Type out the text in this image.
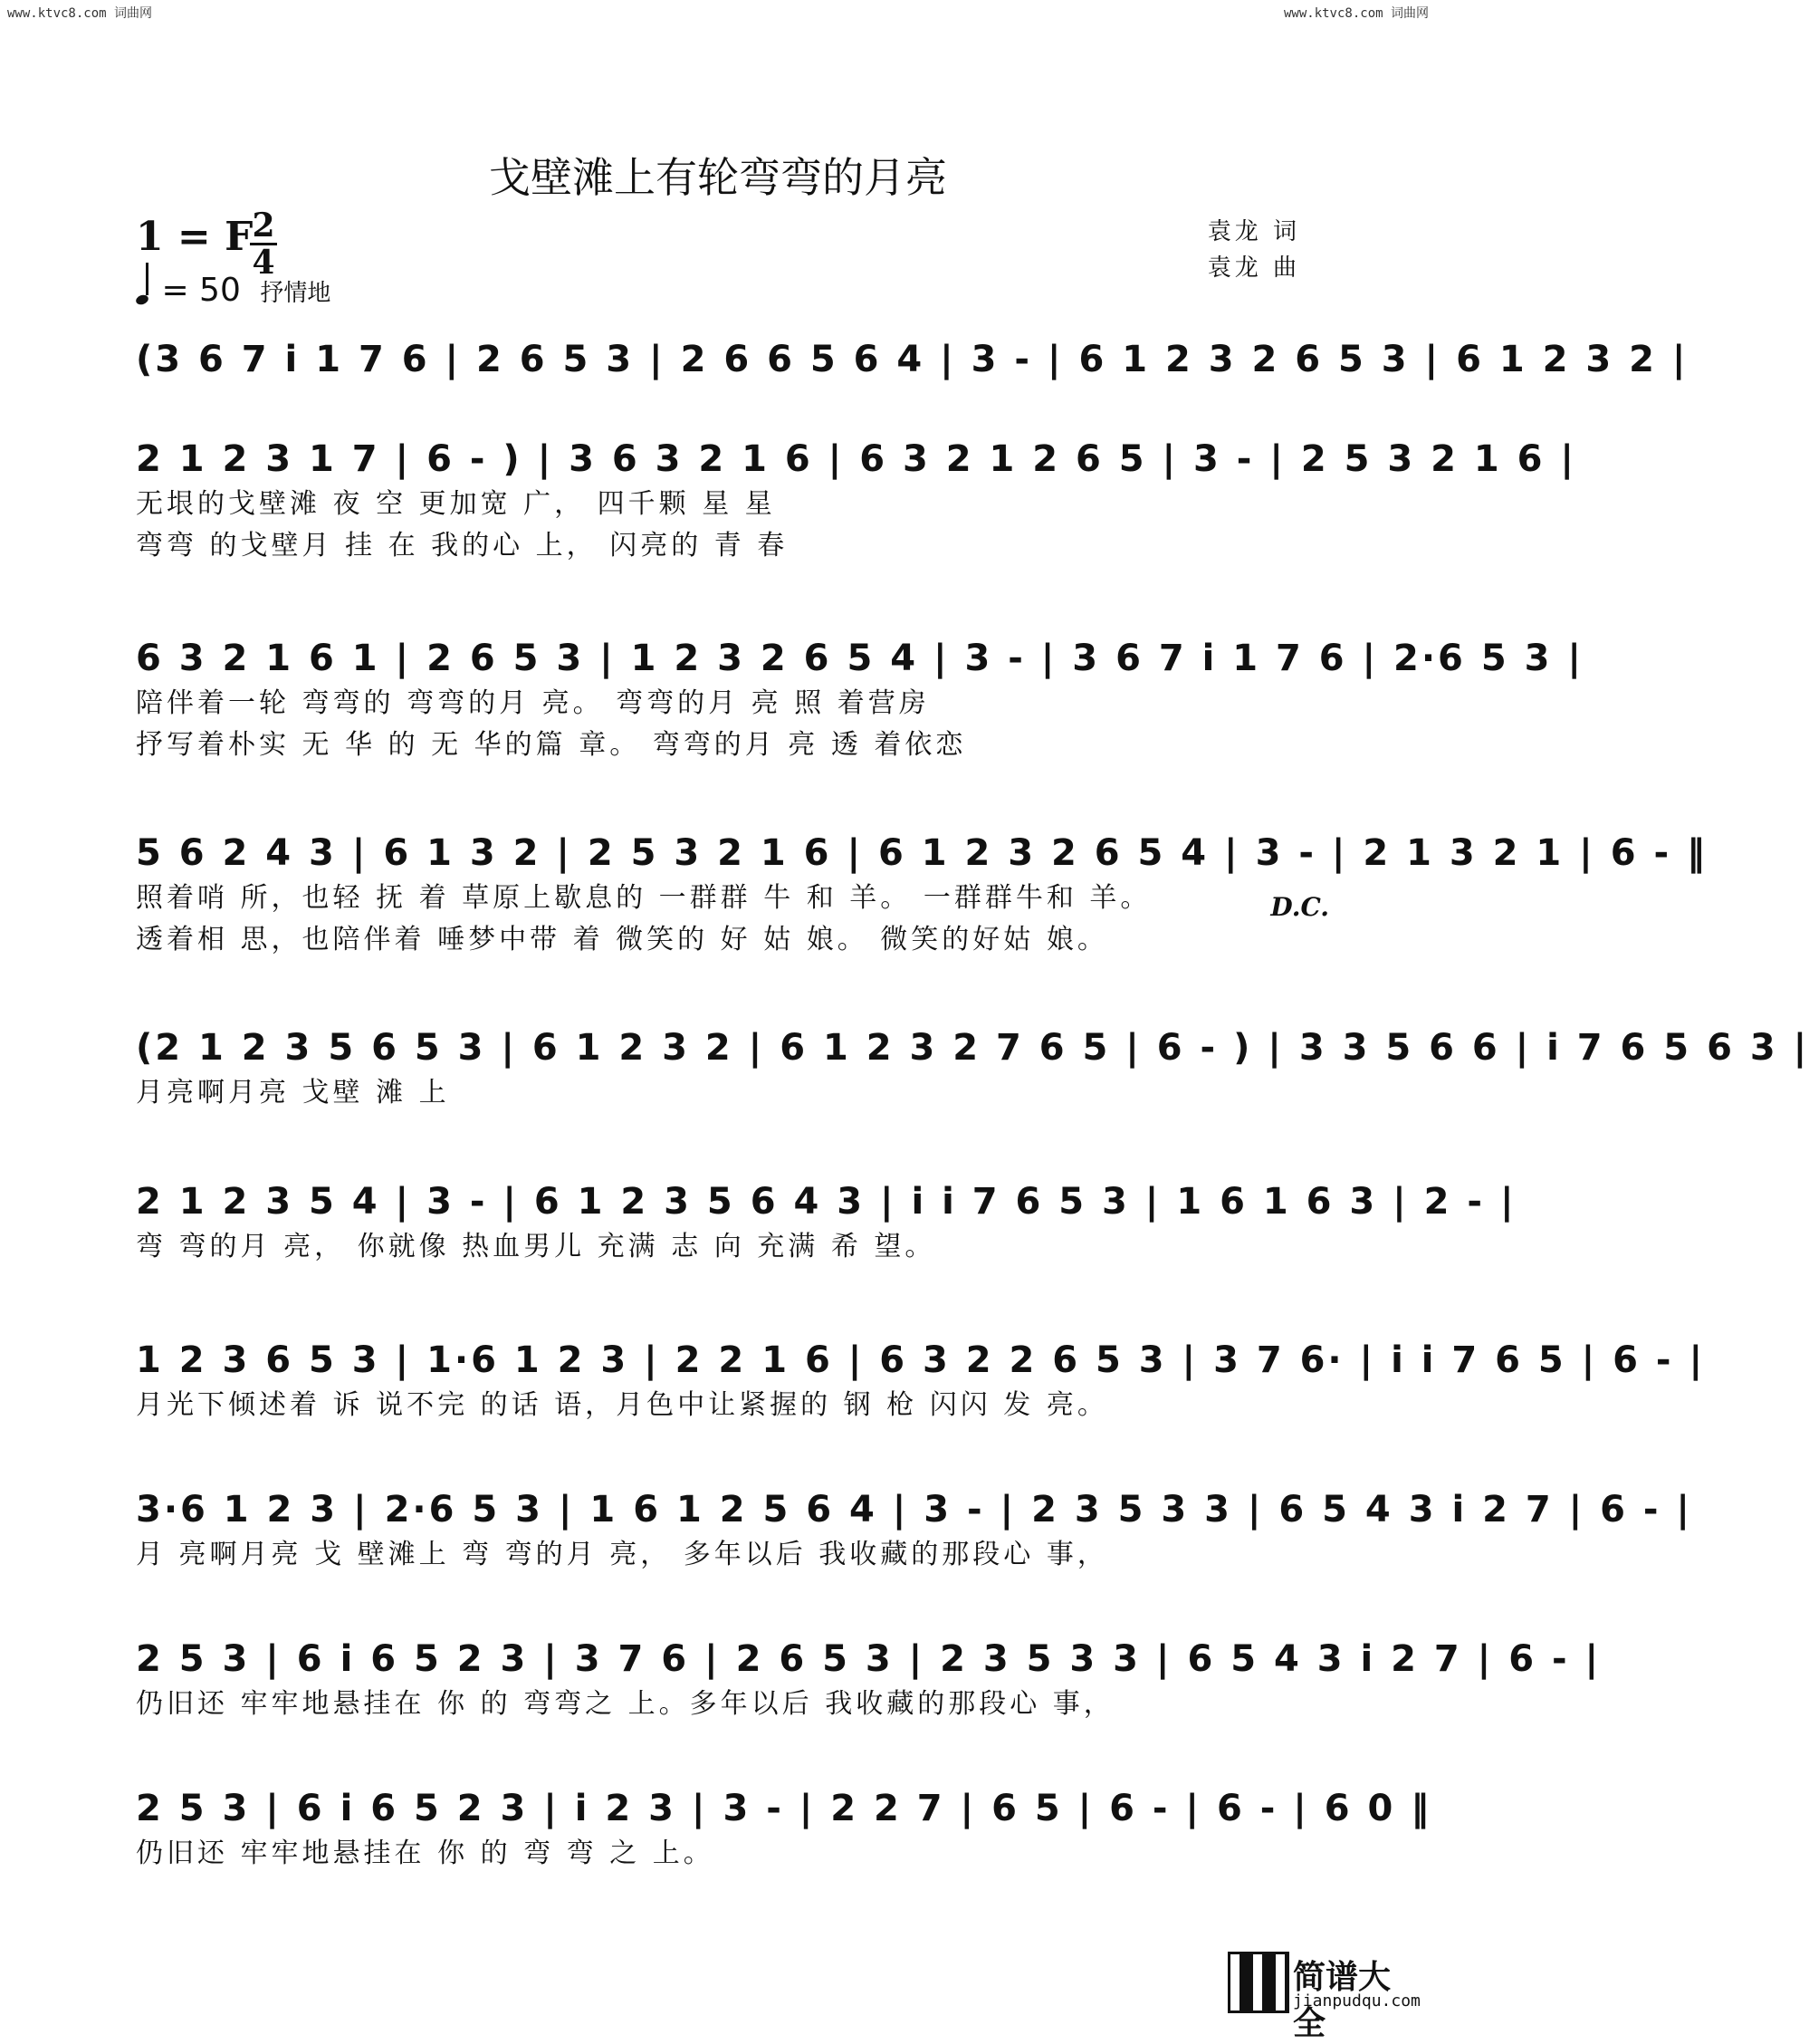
www.ktvc8.com 词曲网	www.ktvc8.com 词曲网
戈壁滩上有轮弯弯的月亮
1 = F 2
4
= 50 抒情地
袁龙 词
袁龙 曲
(3 6 7 i 1 7 6 | 2 6 5 3 | 2 6 6 5 6 4 | 3 - | 6 1 2 3 2 6 5 3 | 6 1 2 3 2 |
2 1 2 3 1 7 | 6 - ) | 3 6 3 2 1 6 | 6 3 2 1 2 6 5 | 3 - | 2 5 3 2 1 6 |
无垠的戈壁滩 夜 空 更加宽 广， 四千颗 星 星
弯弯 的戈壁月 挂 在 我的心 上， 闪亮的 青 春
6 3 2 1 6 1 | 2 6 5 3 | 1 2 3 2 6 5 4 | 3 - | 3 6 7 i 1 7 6 | 2·6 5 3 |
陪伴着一轮 弯弯的 弯弯的月 亮。 弯弯的月 亮 照 着营房
抒写着朴实 无 华 的 无 华的篇 章。 弯弯的月 亮 透 着依恋
5 6 2 4 3 | 6 1 3 2 | 2 5 3 2 1 6 | 6 1 2 3 2 6 5 4 | 3 - | 2 1 3 2 1 | 6 - ‖
照着哨 所，也轻 抚 着 草原上歇息的 一群群 牛 和 羊。 一群群牛和 羊。
透着相 思，也陪伴着 唾梦中带 着 微笑的 好 姑 娘。 微笑的好姑 娘。
(2 1 2 3 5 6 5 3 | 6 1 2 3 2 | 6 1 2 3 2 7 6 5 | 6 - ) | 3 3 5 6 6 | i 7 6 5 6 3 |
月亮啊月亮 戈壁 滩 上
2 1 2 3 5 4 | 3 - | 6 1 2 3 5 6 4 3 | i i 7 6 5 3 | 1 6 1 6 3 | 2 - |
弯 弯的月 亮， 你就像 热血男儿 充满 志 向 充满 希 望。
1 2 3 6 5 3 | 1·6 1 2 3 | 2 2 1 6 | 6 3 2 2 6 5 3 | 3 7 6· | i i 7 6 5 | 6 - |
月光下倾述着 诉 说不完 的话 语，月色中让紧握的 钢 枪 闪闪 发 亮。
3·6 1 2 3 | 2·6 5 3 | 1 6 1 2 5 6 4 | 3 - | 2 3 5 3 3 | 6 5 4 3 i 2 7 | 6 - |
月 亮啊月亮 戈 壁滩上 弯 弯的月 亮， 多年以后 我收藏的那段心 事，
2 5 3 | 6 i 6 5 2 3 | 3 7 6 | 2 6 5 3 | 2 3 5 3 3 | 6 5 4 3 i 2 7 | 6 - |
仍旧还 牢牢地悬挂在 你 的 弯弯之 上。多年以后 我收藏的那段心 事，
2 5 3 | 6 i 6 5 2 3 | i 2 3 | 3 - | 2 2 7 | 6 5 | 6 - | 6 - | 6 0 ‖
仍旧还 牢牢地悬挂在 你 的 弯 弯 之 上。
D.C.
简谱大全
jianpudqu.com
